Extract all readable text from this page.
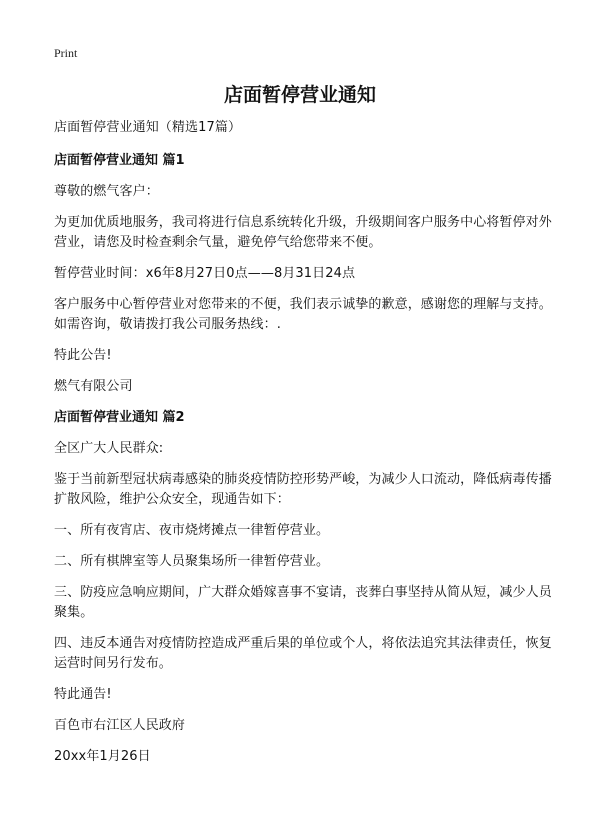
Print
店面暂停营业通知

店面暂停营业通知（精选17篇）

店面暂停营业通知 篇1

尊敬的燃气客户：

为更加优质地服务，我司将进行信息系统转化升级，升级期间客户服务中心将暂停对外营业，请您及时检查剩余气量，避免停气给您带来不便。

暂停营业时间：x6年8月27日0点——8月31日24点

客户服务中心暂停营业对您带来的不便，我们表示诚挚的歉意，感谢您的理解与支持。如需咨询，敬请拨打我公司服务热线：.

特此公告!

燃气有限公司

店面暂停营业通知 篇2

全区广大人民群众:

鉴于当前新型冠状病毒感染的肺炎疫情防控形势严峻，为减少人口流动，降低病毒传播扩散风险，维护公众安全，现通告如下：

一、所有夜宵店、夜市烧烤摊点一律暂停营业。

二、所有棋牌室等人员聚集场所一律暂停营业。

三、防疫应急响应期间，广大群众婚嫁喜事不宴请，丧葬白事坚持从简从短，减少人员聚集。

四、违反本通告对疫情防控造成严重后果的单位或个人，将依法追究其法律责任，恢复运营时间另行发布。

特此通告!

百色市右江区人民政府

20xx年1月26日
